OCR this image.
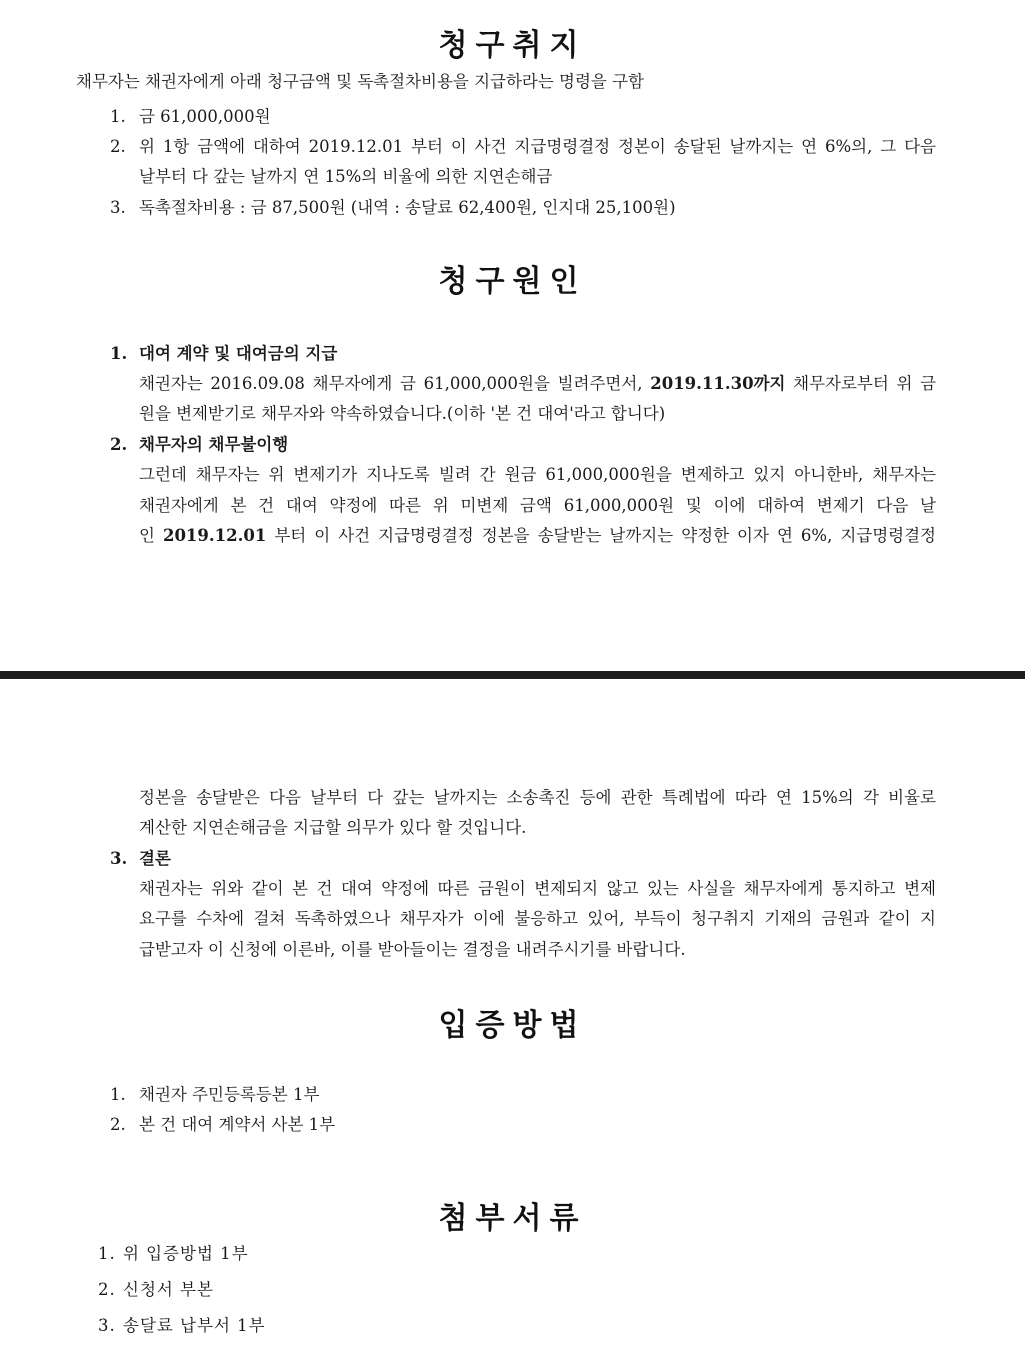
청구취지
채무자는 채권자에게 아래 청구금액 및 독촉절차비용을 지급하라는 명령을 구함
1. 금 61,000,000원
2. 위 1항 금액에 대하여 2019.12.01 부터 이 사건 지급명령결정 정본이 송달된 날까지는 연 6%의, 그 다음
날부터 다 갚는 날까지 연 15%의 비율에 의한 지연손해금
3. 독촉절차비용 : 금 87,500원 (내역 : 송달료 62,400원, 인지대 25,100원)
청구원인
1. 대여 계약 및 대여금의 지급
채권자는 2016.09.08 채무자에게 금 61,000,000원을 빌려주면서, 2019.11.30까지 채무자로부터 위 금
원을 변제받기로 채무자와 약속하였습니다.(이하 '본 건 대여'라고 합니다)
2. 채무자의 채무불이행
그런데 채무자는 위 변제기가 지나도록 빌려 간 원금 61,000,000원을 변제하고 있지 아니한바, 채무자는
채권자에게 본 건 대여 약정에 따른 위 미변제 금액 61,000,000원 및 이에 대하여 변제기 다음 날
인 2019.12.01 부터 이 사건 지급명령결정 정본을 송달받는 날까지는 약정한 이자 연 6%, 지급명령결정
정본을 송달받은 다음 날부터 다 갚는 날까지는 소송촉진 등에 관한 특례법에 따라 연 15%의 각 비율로
계산한 지연손해금을 지급할 의무가 있다 할 것입니다.
3. 결론
채권자는 위와 같이 본 건 대여 약정에 따른 금원이 변제되지 않고 있는 사실을 채무자에게 통지하고 변제
요구를 수차에 걸쳐 독촉하였으나 채무자가 이에 불응하고 있어, 부득이 청구취지 기재의 금원과 같이 지
급받고자 이 신청에 이른바, 이를 받아들이는 결정을 내려주시기를 바랍니다.
입증방법
1. 채권자 주민등록등본 1부
2. 본 건 대여 계약서 사본 1부
첨부서류
1. 위 입증방법 1부
2. 신청서 부본
3. 송달료 납부서 1부
